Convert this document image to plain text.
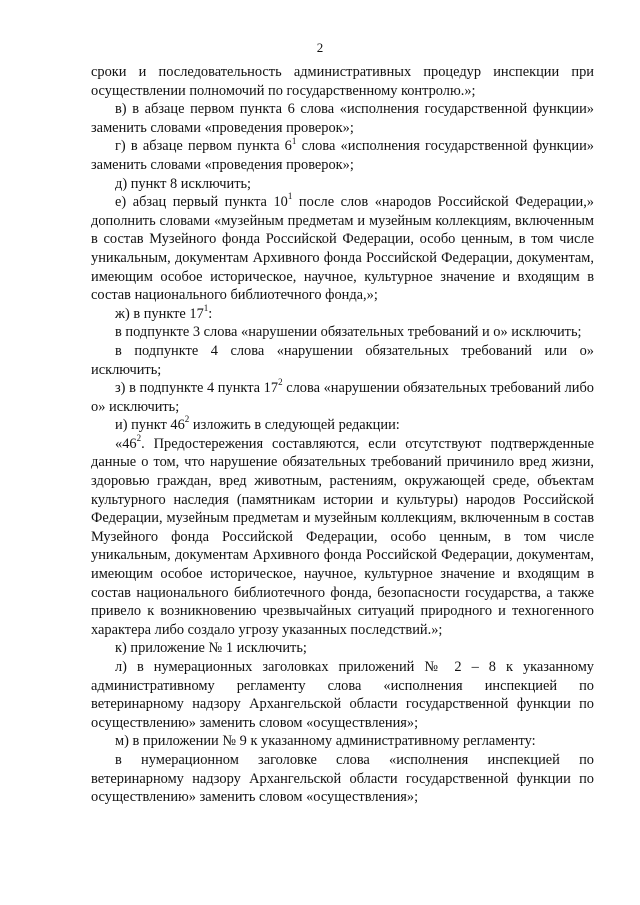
2

сроки и последовательность административных процедур инспекции при осуществлении полномочий по государственному контролю.»;

в) в абзаце первом пункта 6 слова «исполнения государственной функции» заменить словами «проведения проверок»;

г) в абзаце первом пункта $6^1$ слова «исполнения государственной функции» заменить словами «проведения проверок»;

д) пункт 8 исключить;

е) абзац первый пункта $10^1$ после слов «народов Российской Федерации,» дополнить словами «музейным предметам и музейным коллекциям, включенным в состав Музейного фонда Российской Федерации, особо ценным, в том числе уникальным, документам Архивного фонда Российской Федерации, документам, имеющим особое историческое, научное, культурное значение и входящим в состав национального библиотечного фонда,»;

ж) в пункте $17^1$:

в подпункте 3 слова «нарушении обязательных требований и о» исключить;

в подпункте 4 слова «нарушении обязательных требований или о» исключить;

з) в подпункте 4 пункта $17^2$ слова «нарушении обязательных требований либо о» исключить;

и) пункт $46^2$ изложить в следующей редакции:

«$46^2$. Предостережения составляются, если отсутствуют подтвержденные данные о том, что нарушение обязательных требований причинило вред жизни, здоровью граждан, вред животным, растениям, окружающей среде, объектам культурного наследия (памятникам истории и культуры) народов Российской Федерации, музейным предметам и музейным коллекциям, включенным в состав Музейного фонда Российской Федерации, особо ценным, в том числе уникальным, документам Архивного фонда Российской Федерации, документам, имеющим особое историческое, научное, культурное значение и входящим в состав национального библиотечного фонда, безопасности государства, а также привело к возникновению чрезвычайных ситуаций природного и техногенного характера либо создало угрозу указанных последствий.»;

к) приложение № 1 исключить;

л) в нумерационных заголовках приложений № 2 – 8 к указанному административному регламенту слова «исполнения инспекцией по ветеринарному надзору Архангельской области государственной функции по осуществлению» заменить словом «осуществления»;

м) в приложении № 9 к указанному административному регламенту:

в нумерационном заголовке слова «исполнения инспекцией по ветеринарному надзору Архангельской области государственной функции по осуществлению» заменить словом «осуществления»;
